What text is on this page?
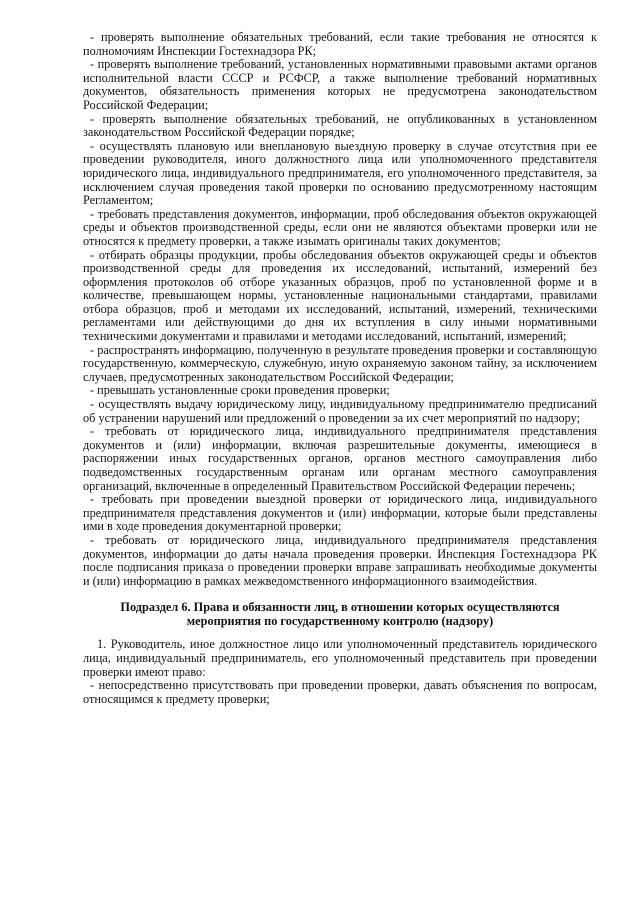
- проверять выполнение обязательных требований, если такие требования не относятся к полномочиям Инспекции Гостехнадзора РК;

- проверять выполнение требований, установленных нормативными правовыми актами органов исполнительной власти СССР и РСФСР, а также выполнение требований нормативных документов, обязательность применения которых не предусмотрена законодательством Российской Федерации;

- проверять выполнение обязательных требований, не опубликованных в установленном законодательством Российской Федерации порядке;

- осуществлять плановую или внеплановую выездную проверку в случае отсутствия при ее проведении руководителя, иного должностного лица или уполномоченного представителя юридического лица, индивидуального предпринимателя, его уполномоченного представителя, за исключением случая проведения такой проверки по основанию предусмотренному настоящим Регламентом;

- требовать представления документов, информации, проб обследования объектов окружающей среды и объектов производственной среды, если они не являются объектами проверки или не относятся к предмету проверки, а также изымать оригиналы таких документов;

- отбирать образцы продукции, пробы обследования объектов окружающей среды и объектов производственной среды для проведения их исследований, испытаний, измерений без оформления протоколов об отборе указанных образцов, проб по установленной форме и в количестве, превышающем нормы, установленные национальными стандартами, правилами отбора образцов, проб и методами их исследований, испытаний, измерений, техническими регламентами или действующими до дня их вступления в силу иными нормативными техническими документами и правилами и методами исследований, испытаний, измерений;

- распространять информацию, полученную в результате проведения проверки и составляющую государственную, коммерческую, служебную, иную охраняемую законом тайну, за исключением случаев, предусмотренных законодательством Российской Федерации;

- превышать установленные сроки проведения проверки;

- осуществлять выдачу юридическому лицу, индивидуальному предпринимателю предписаний об устранении нарушений или предложений о проведении за их счет мероприятий по надзору;

- требовать от юридического лица, индивидуального предпринимателя представления документов и (или) информации, включая разрешительные документы, имеющиеся в распоряжении иных государственных органов, органов местного самоуправления либо подведомственных государственным органам или органам местного самоуправления организаций, включенные в определенный Правительством Российской Федерации перечень;

- требовать при проведении выездной проверки от юридического лица, индивидуального предпринимателя представления документов и (или) информации, которые были представлены ими в ходе проведения документарной проверки;

- требовать от юридического лица, индивидуального предпринимателя представления документов, информации до даты начала проведения проверки. Инспекция Гостехнадзора РК после подписания приказа о проведении проверки вправе запрашивать необходимые документы и (или) информацию в рамках межведомственного информационного взаимодействия.

Подраздел 6. Права и обязанности лиц, в отношении которых осуществляются мероприятия по государственному контролю (надзору)

1. Руководитель, иное должностное лицо или уполномоченный представитель юридического лица, индивидуальный предприниматель, его уполномоченный представитель при проведении проверки имеют право:

- непосредственно присутствовать при проведении проверки, давать объяснения по вопросам, относящимся к предмету проверки;
